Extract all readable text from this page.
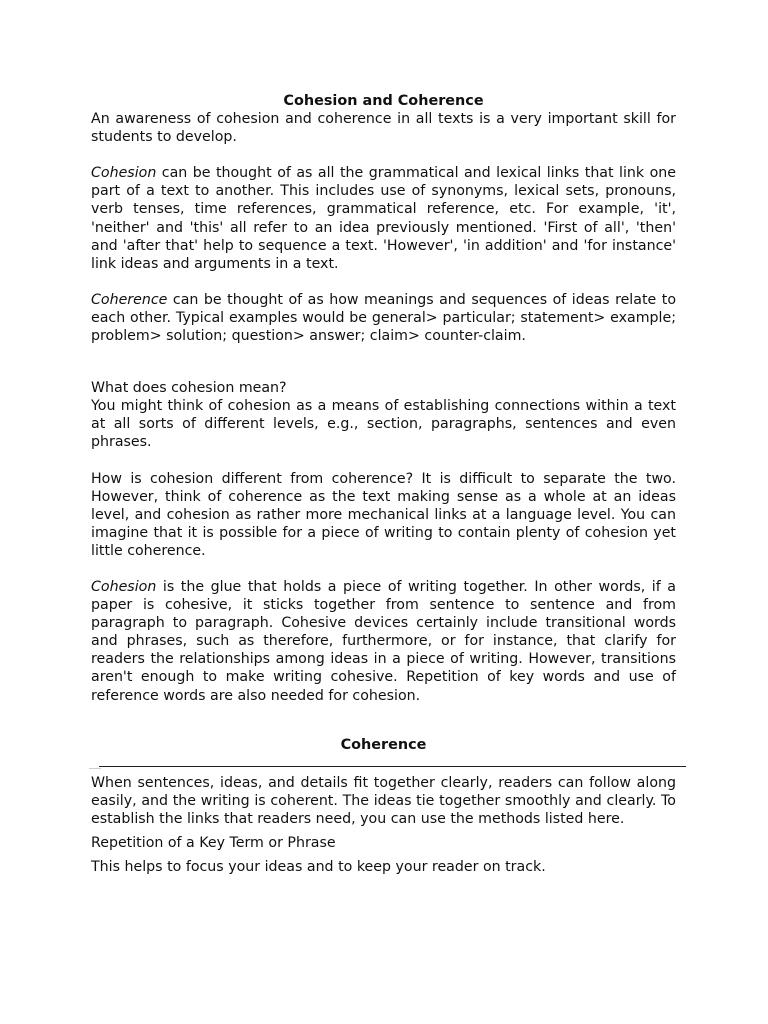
Cohesion and Coherence

An awareness of cohesion and coherence in all texts is a very important skill for students to develop.

Cohesion can be thought of as all the grammatical and lexical links that link one part of a text to another. This includes use of synonyms, lexical sets, pronouns, verb tenses, time references, grammatical reference, etc. For example, 'it', 'neither' and 'this' all refer to an idea previously mentioned. 'First of all', 'then' and 'after that' help to sequence a text. 'However', 'in addition' and 'for instance' link ideas and arguments in a text.

Coherence can be thought of as how meanings and sequences of ideas relate to each other. Typical examples would be general> particular; statement> example; problem> solution; question> answer; claim> counter-claim.

What does cohesion mean?

You might think of cohesion as a means of establishing connections within a text at all sorts of different levels, e.g., section, paragraphs, sentences and even phrases.

How is cohesion different from coherence? It is difficult to separate the two. However, think of coherence as the text making sense as a whole at an ideas level, and cohesion as rather more mechanical links at a language level. You can imagine that it is possible for a piece of writing to contain plenty of cohesion yet little coherence.

Cohesion is the glue that holds a piece of writing together. In other words, if a paper is cohesive, it sticks together from sentence to sentence and from paragraph to paragraph. Cohesive devices certainly include transitional words and phrases, such as therefore, furthermore, or for instance, that clarify for readers the relationships among ideas in a piece of writing. However, transitions aren't enough to make writing cohesive. Repetition of key words and use of reference words are also needed for cohesion.

Coherence

When sentences, ideas, and details fit together clearly, readers can follow along easily, and the writing is coherent. The ideas tie together smoothly and clearly. To establish the links that readers need, you can use the methods listed here.

Repetition of a Key Term or Phrase

This helps to focus your ideas and to keep your reader on track.
